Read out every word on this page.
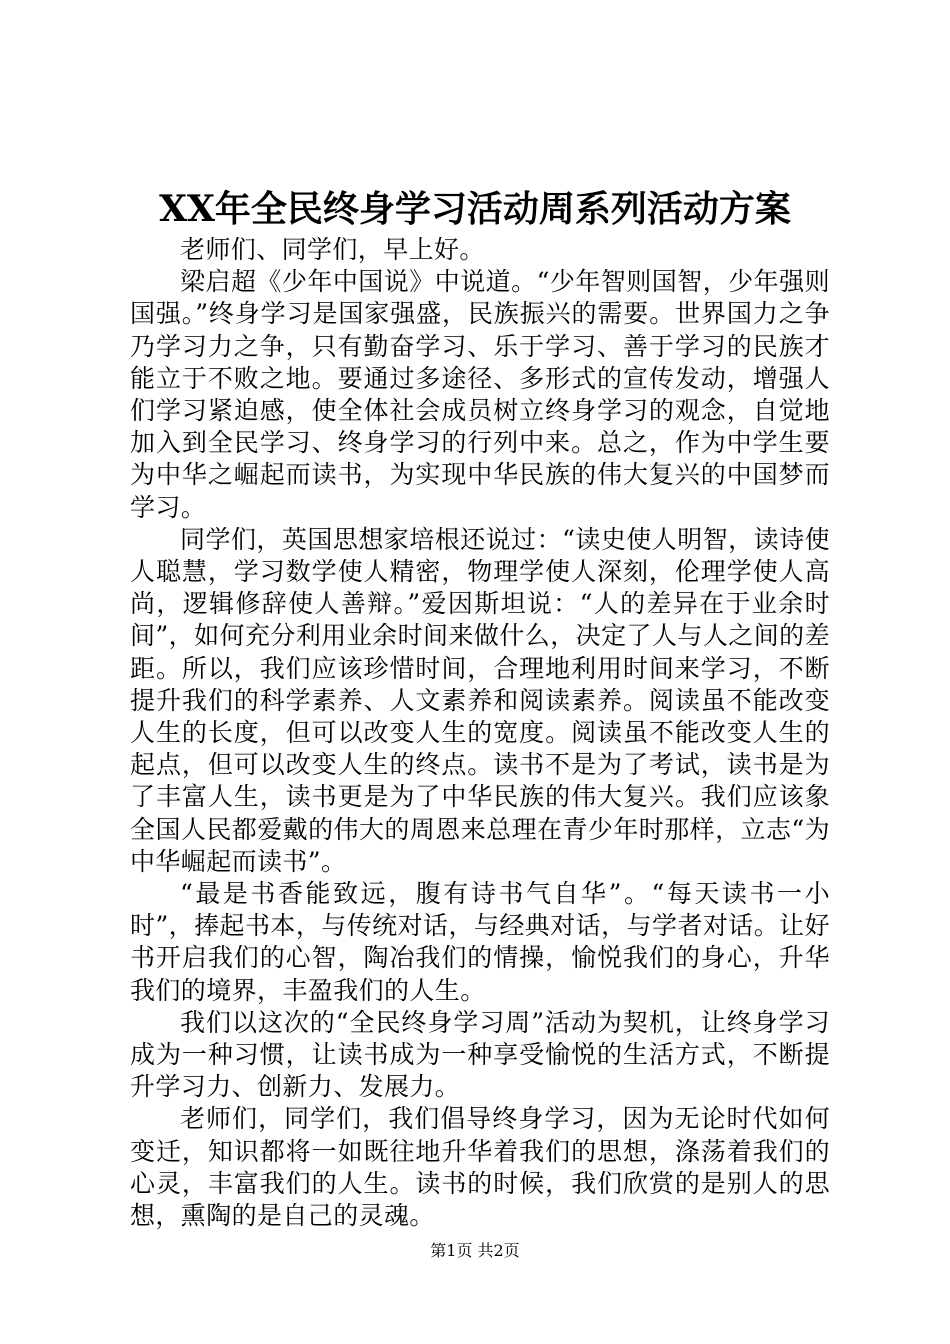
XX年全民终身学习活动周系列活动方案

老师们、同学们，早上好。

梁启超《少年中国说》中说道。“少年智则国智，少年强则国强。”终身学习是国家强盛，民族振兴的需要。世界国力之争乃学习力之争，只有勤奋学习、乐于学习、善于学习的民族才能立于不败之地。要通过多途径、多形式的宣传发动，增强人们学习紧迫感，使全体社会成员树立终身学习的观念，自觉地加入到全民学习、终身学习的行列中来。总之，作为中学生要为中华之崛起而读书，为实现中华民族的伟大复兴的中国梦而学习。

同学们，英国思想家培根还说过：“读史使人明智，读诗使人聪慧，学习数学使人精密，物理学使人深刻，伦理学使人高尚，逻辑修辞使人善辩。”爱因斯坦说：“人的差异在于业余时间”，如何充分利用业余时间来做什么，决定了人与人之间的差距。所以，我们应该珍惜时间，合理地利用时间来学习，不断提升我们的科学素养、人文素养和阅读素养。阅读虽不能改变人生的长度，但可以改变人生的宽度。阅读虽不能改变人生的起点，但可以改变人生的终点。读书不是为了考试，读书是为了丰富人生，读书更是为了中华民族的伟大复兴。我们应该象全国人民都爱戴的伟大的周恩来总理在青少年时那样，立志“为中华崛起而读书”。

“最是书香能致远，腹有诗书气自华”。“每天读书一小时”，捧起书本，与传统对话，与经典对话，与学者对话。让好书开启我们的心智，陶冶我们的情操，愉悦我们的身心，升华我们的境界，丰盈我们的人生。

我们以这次的“全民终身学习周”活动为契机，让终身学习成为一种习惯，让读书成为一种享受愉悦的生活方式，不断提升学习力、创新力、发展力。

老师们，同学们，我们倡导终身学习，因为无论时代如何变迁，知识都将一如既往地升华着我们的思想，涤荡着我们的心灵，丰富我们的人生。读书的时候，我们欣赏的是别人的思想，熏陶的是自己的灵魂。

第1页 共2页
